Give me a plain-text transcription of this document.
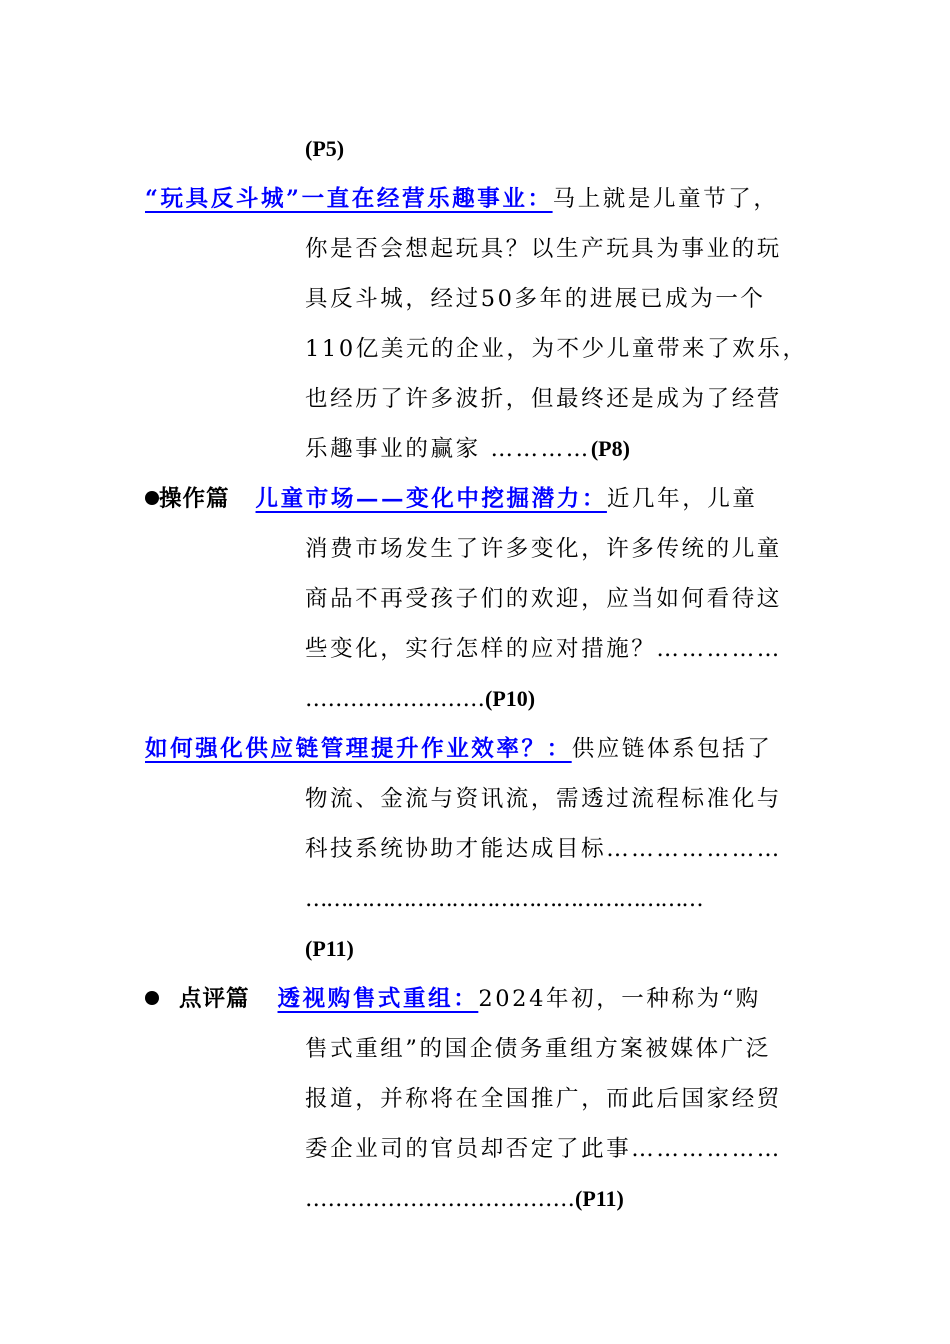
(P5)
“玩具反斗城”一直在经营乐趣事业：马上就是儿童节了，
你是否会想起玩具？以生产玩具为事业的玩
具反斗城，经过50多年的进展已成为一个
110亿美元的企业，为不少儿童带来了欢乐，
也经历了许多波折，但最终还是成为了经营
乐趣事业的赢家 …………(P8)
操作篇 儿童市场——变化中挖掘潜力：近几年，儿童
消费市场发生了许多变化，许多传统的儿童
商品不再受孩子们的欢迎，应当如何看待这
些变化，实行怎样的应对措施？……………
……………………(P10)
如何强化供应链管理提升作业效率？：供应链体系包括了
物流、金流与资讯流，需透过流程标准化与
科技系统协助才能达成目标…………………
…………………………………………………
(P11)
点评篇 透视购售式重组：2024年初，一种称为“购
售式重组”的国企债务重组方案被媒体广泛
报道，并称将在全国推广，而此后国家经贸
委企业司的官员却否定了此事………………
………………………………(P11)
